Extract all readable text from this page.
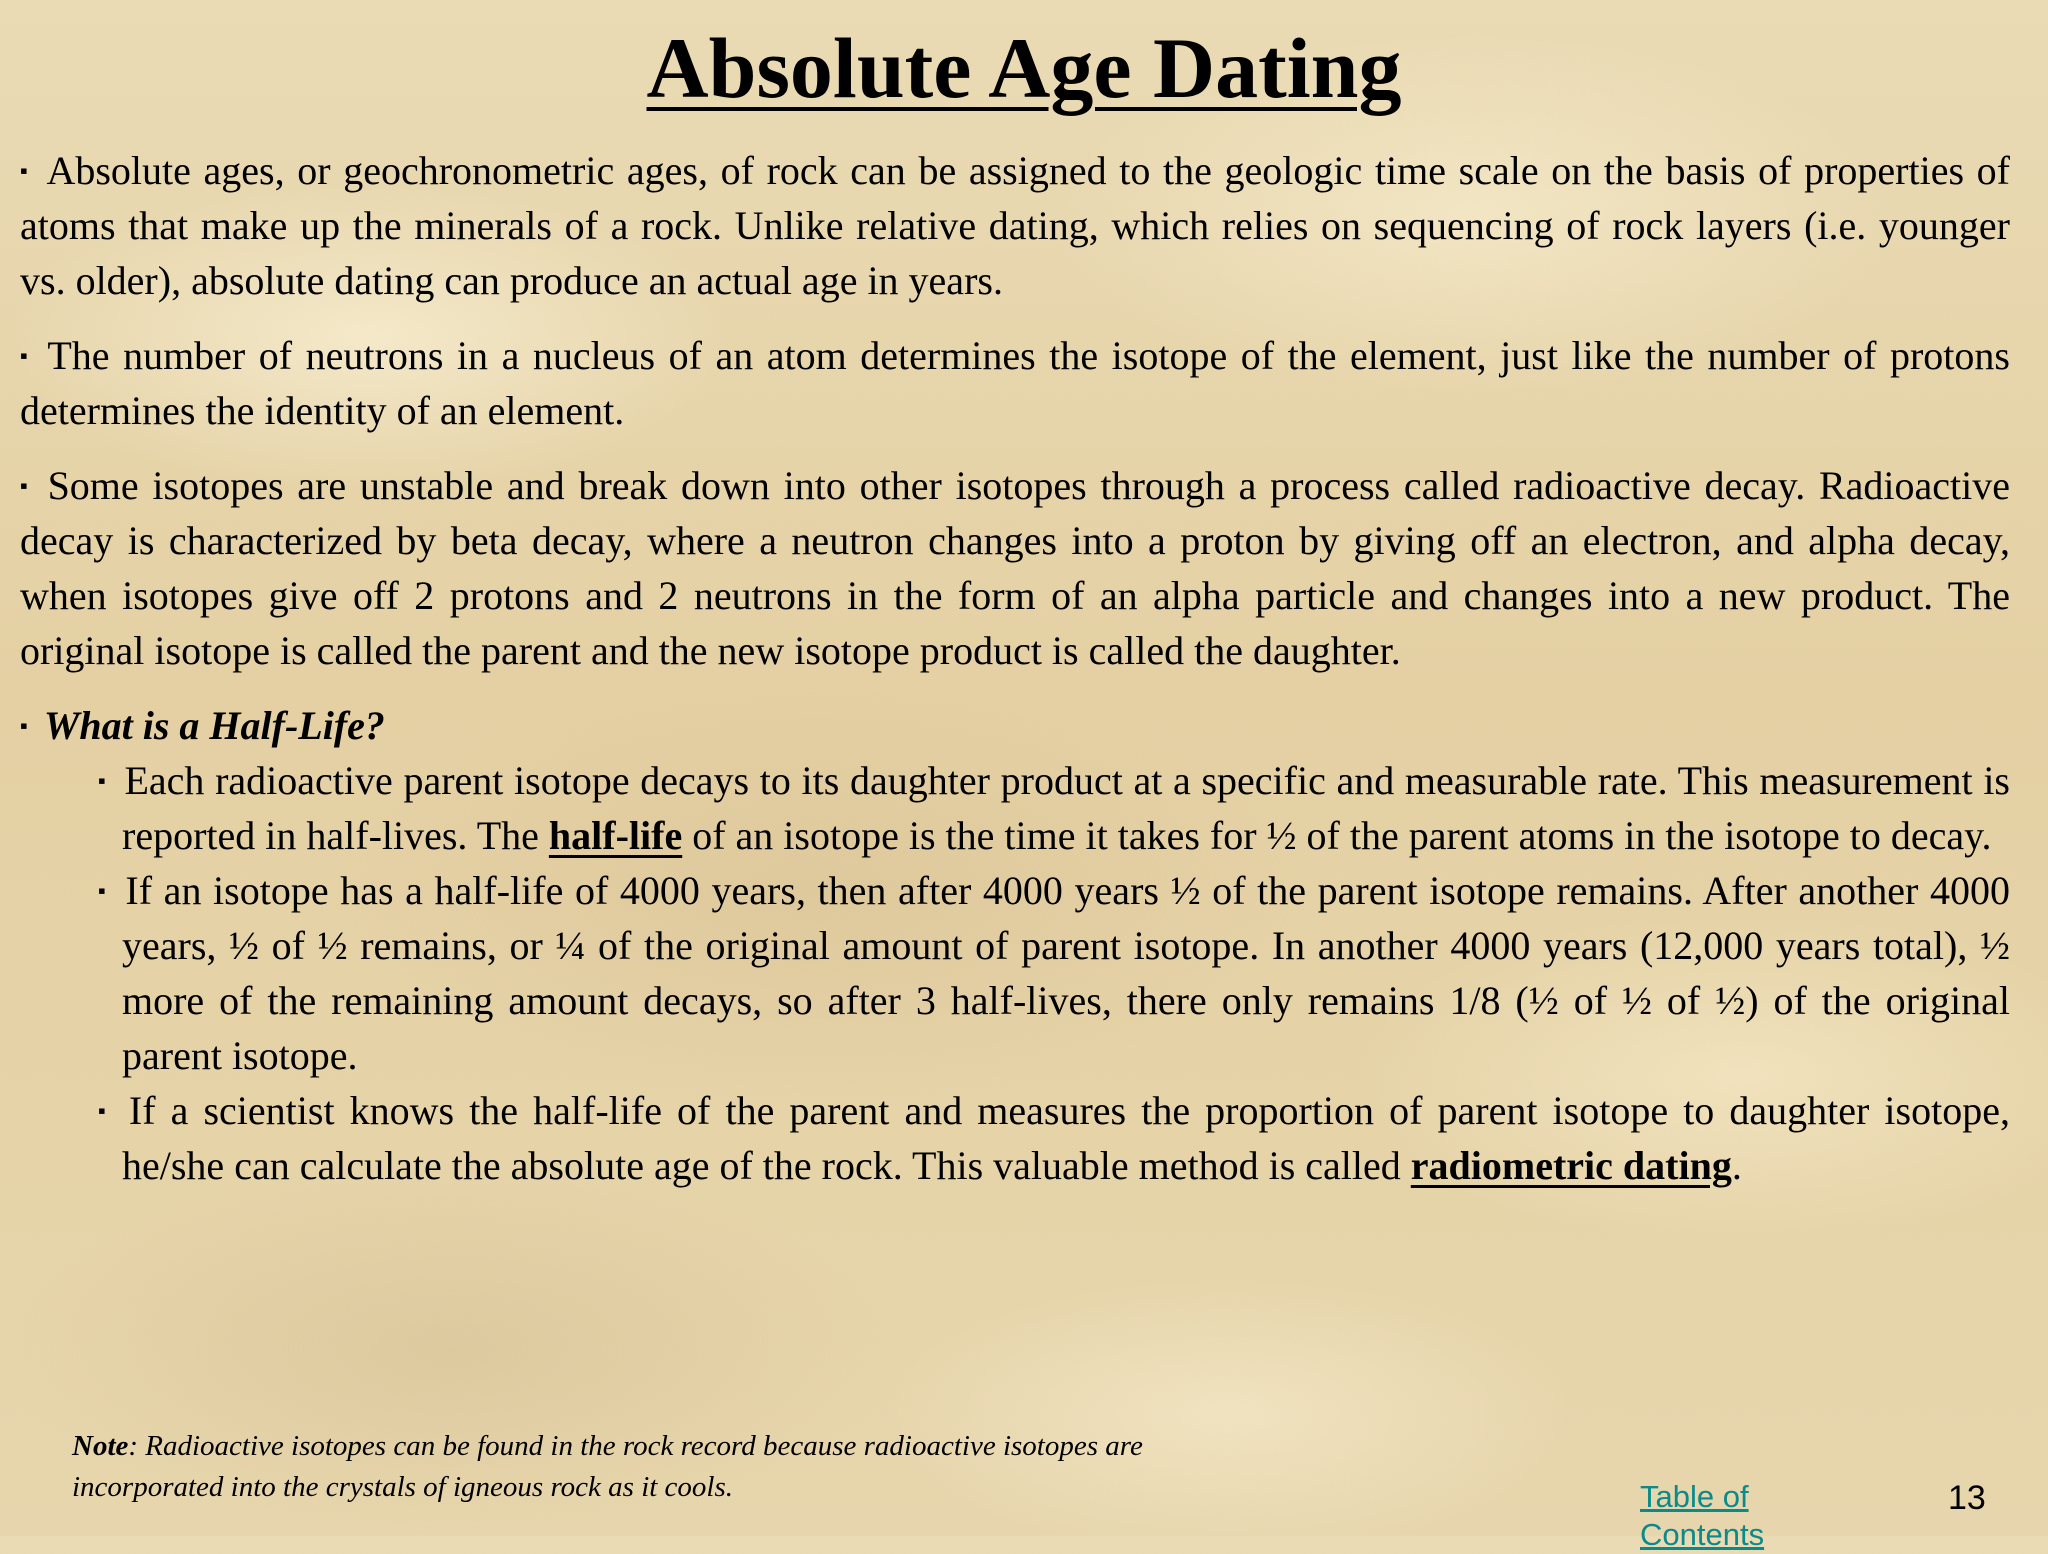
Absolute Age Dating

▪ Absolute ages, or geochronometric ages, of rock can be assigned to the geologic time scale on the basis of properties of atoms that make up the minerals of a rock. Unlike relative dating, which relies on sequencing of rock layers (i.e. younger vs. older), absolute dating can produce an actual age in years.

▪ The number of neutrons in a nucleus of an atom determines the isotope of the element, just like the number of protons determines the identity of an element.

▪ Some isotopes are unstable and break down into other isotopes through a process called radioactive decay. Radioactive decay is characterized by beta decay, where a neutron changes into a proton by giving off an electron, and alpha decay, when isotopes give off 2 protons and 2 neutrons in the form of an alpha particle and changes into a new product. The original isotope is called the parent and the new isotope product is called the daughter.

▪ What is a Half-Life?

▪ Each radioactive parent isotope decays to its daughter product at a specific and measurable rate. This measurement is reported in half-lives. The half-life of an isotope is the time it takes for ½ of the parent atoms in the isotope to decay.

▪ If an isotope has a half-life of 4000 years, then after 4000 years ½ of the parent isotope remains. After another 4000 years, ½ of ½ remains, or ¼ of the original amount of parent isotope. In another 4000 years (12,000 years total), ½ more of the remaining amount decays, so after 3 half-lives, there only remains 1/8 (½ of ½ of ½) of the original parent isotope.

▪ If a scientist knows the half-life of the parent and measures the proportion of parent isotope to daughter isotope, he/she can calculate the absolute age of the rock. This valuable method is called radiometric dating.

Note: Radioactive isotopes can be found in the rock record because radioactive isotopes are incorporated into the crystals of igneous rock as it cools.	Table of Contents
13
